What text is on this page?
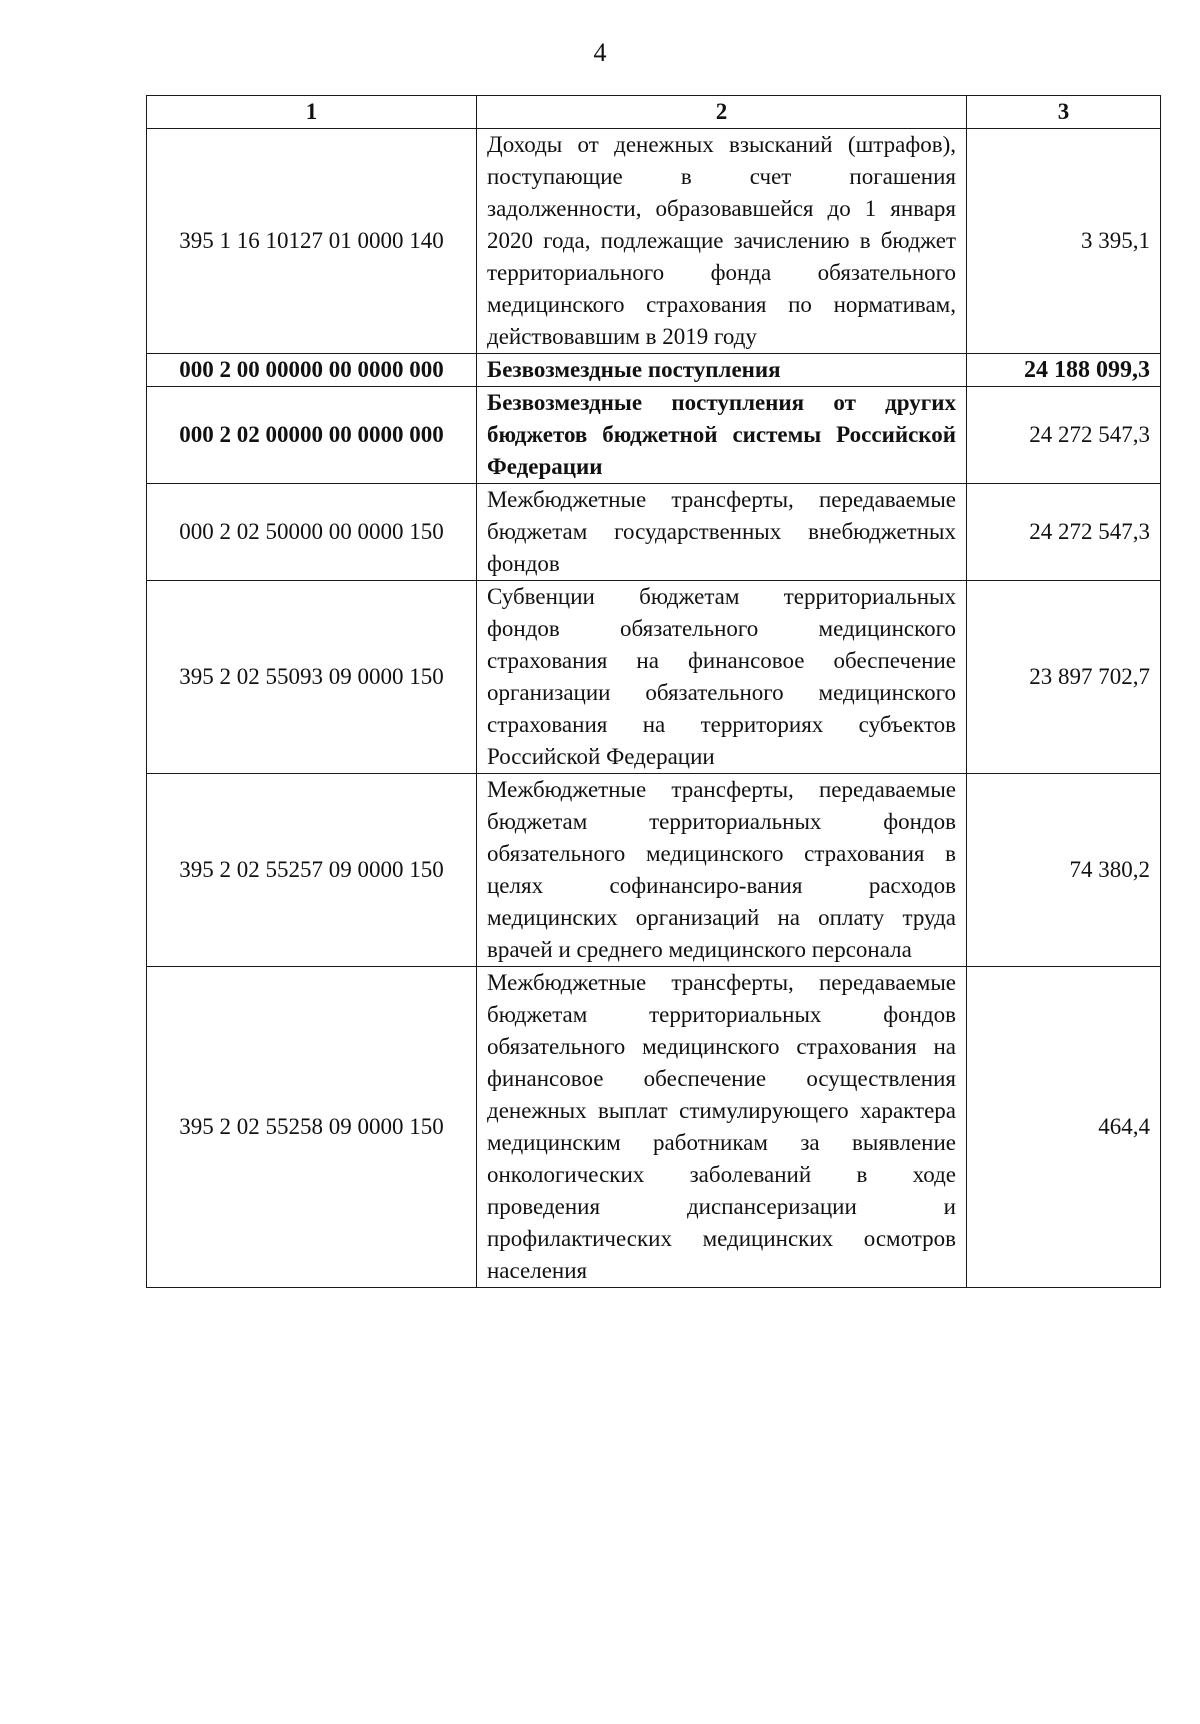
4
1	2	3
395 1 16 10127 01 0000 140	Доходы от денежных взысканий (штрафов), поступающие в счет погашения задолженности, образовавшейся до 1 января 2020 года, подлежащие зачислению в бюджет территориального фонда обязательного медицинского страхования по нормативам, действовавшим в 2019 году	3 395,1
000 2 00 00000 00 0000 000	Безвозмездные поступления	24 188 099,3
000 2 02 00000 00 0000 000	Безвозмездные поступления от других бюджетов бюджетной системы Российской Федерации	24 272 547,3
000 2 02 50000 00 0000 150	Межбюджетные трансферты, передаваемые бюджетам государственных внебюджетных фондов	24 272 547,3
395 2 02 55093 09 0000 150	Субвенции бюджетам территориальных фондов обязательного медицинского страхования на финансовое обеспечение организации обязательного медицинского страхования на территориях субъектов Российской Федерации	23 897 702,7
395 2 02 55257 09 0000 150	Межбюджетные трансферты, передаваемые бюджетам территориальных фондов обязательного медицинского страхования в целях софинансиро-вания расходов медицинских организаций на оплату труда врачей и среднего медицинского персонала	74 380,2
395 2 02 55258 09 0000 150	Межбюджетные трансферты, передаваемые бюджетам территориальных фондов обязательного медицинского страхования на финансовое обеспечение осуществления денежных выплат стимулирующего характера медицинским работникам за выявление онкологических заболеваний в ходе проведения диспансеризации и профилактических медицинских осмотров населения	464,4
